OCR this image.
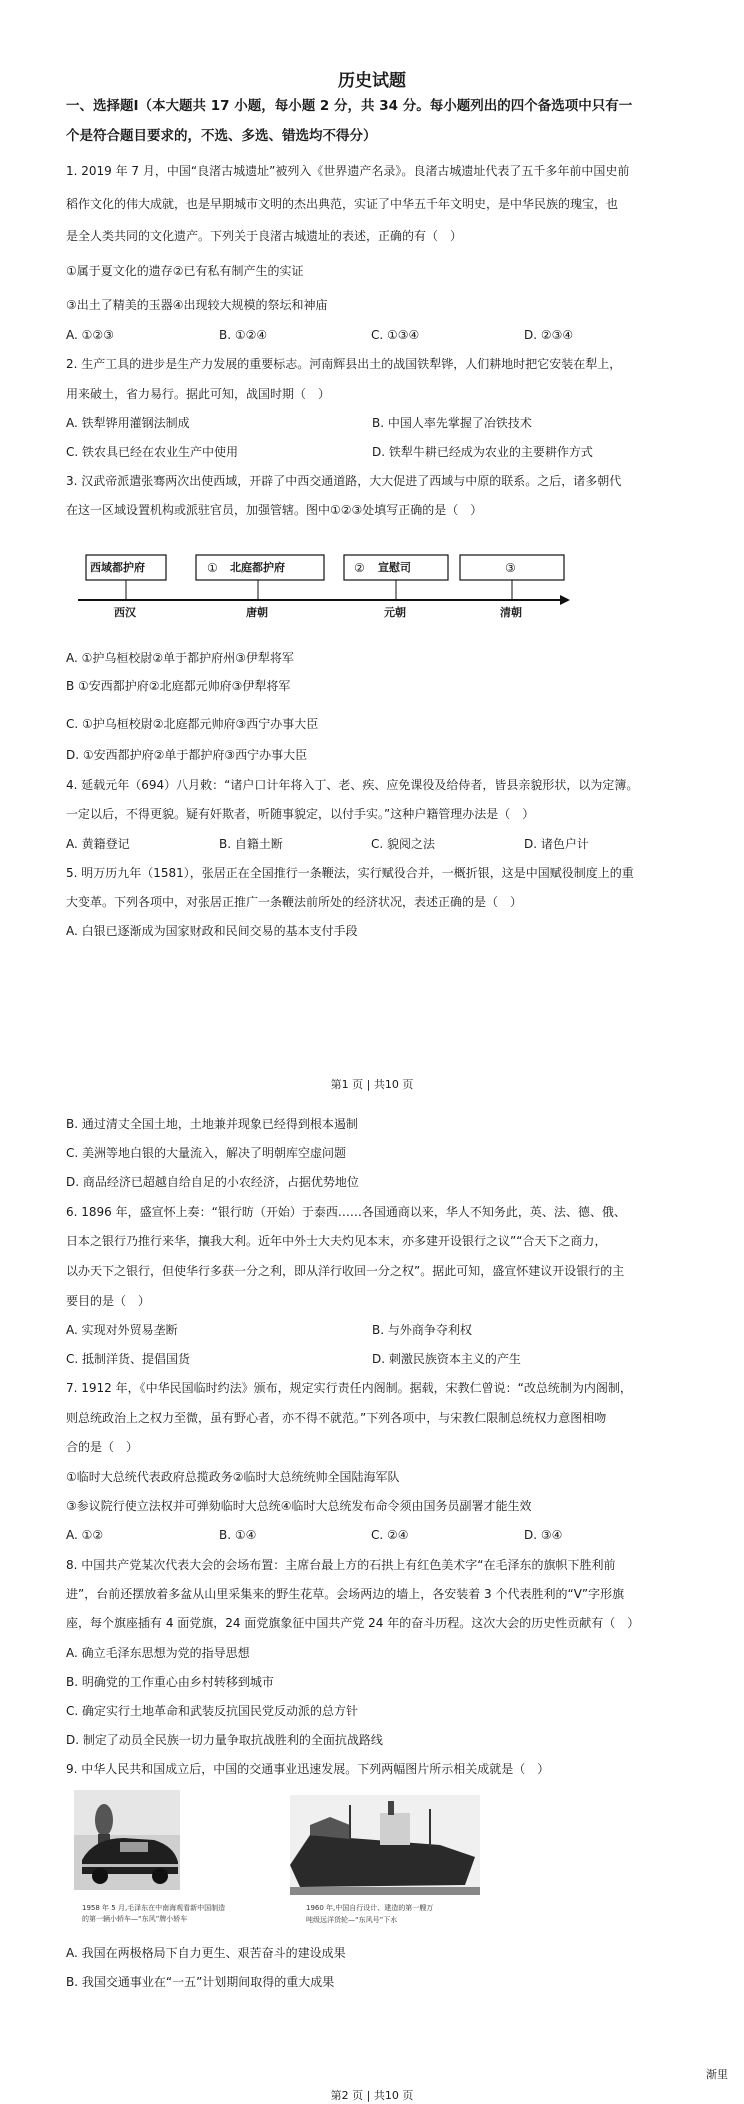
历史试题
一、选择题Ⅰ（本大题共 17 小题，每小题 2 分，共 34 分。每小题列出的四个备选项中只有一
个是符合题目要求的，不选、多选、错选均不得分）
1. 2019 年 7 月，中国“良渚古城遗址”被列入《世界遗产名录》。良渚古城遗址代表了五千多年前中国史前
稻作文化的伟大成就，也是早期城市文明的杰出典范，实证了中华五千年文明史，是中华民族的瑰宝，也
是全人类共同的文化遗产。下列关于良渚古城遗址的表述，正确的有（　）
①属于夏文化的遗存②已有私有制产生的实证
③出土了精美的玉器④出现较大规模的祭坛和神庙
A. ①②③	B. ①②④	C. ①③④	D. ②③④
2. 生产工具的进步是生产力发展的重要标志。河南辉县出土的战国铁犁铧，人们耕地时把它安装在犁上，
用来破土，省力易行。据此可知，战国时期（　）
A. 铁犁铧用灌钢法制成	B. 中国人率先掌握了冶铁技术
C. 铁农具已经在农业生产中使用	D. 铁犁牛耕已经成为农业的主要耕作方式
3. 汉武帝派遣张骞两次出使西域，开辟了中西交通道路，大大促进了西域与中原的联系。之后，诸多朝代
在这一区域设置机构或派驻官员，加强管辖。图中①②③处填写正确的是（　）
西域都护府	① 北庭都护府	② 宣慰司	③
西汉	唐朝	元朝	清朝
A. ①护乌桓校尉②单于都护府州③伊犁将军
B ①安西都护府②北庭都元帅府③伊犁将军
C. ①护乌桓校尉②北庭都元帅府③西宁办事大臣
D. ①安西都护府②单于都护府③西宁办事大臣
4. 延载元年（694）八月敕：“诸户口计年将入丁、老、疾、应免课役及给侍者，皆县亲貌形状，以为定簿。
一定以后，不得更貌。疑有奸欺者，听随事貌定，以付手实。”这种户籍管理办法是（　）
A. 黄籍登记	B. 自籍土断	C. 貌阅之法	D. 诸色户计
5. 明万历九年（1581），张居正在全国推行一条鞭法，实行赋役合并，一概折银，这是中国赋役制度上的重
大变革。下列各项中，对张居正推广一条鞭法前所处的经济状况，表述正确的是（　）
A. 白银已逐渐成为国家财政和民间交易的基本支付手段
第1 页 | 共10 页
B. 通过清丈全国土地，土地兼并现象已经得到根本遏制
C. 美洲等地白银的大量流入，解决了明朝库空虚问题
D. 商品经济已超越自给自足的小农经济，占据优势地位
6. 1896 年，盛宣怀上奏：“银行昉（开始）于泰西……各国通商以来，华人不知务此，英、法、德、俄、
日本之银行乃推行来华，攘我大利。近年中外士大夫灼见本末，亦多建开设银行之议”“合天下之商力，
以办天下之银行，但使华行多获一分之利，即从洋行收回一分之权”。据此可知，盛宣怀建议开设银行的主
要目的是（　）
A. 实现对外贸易垄断	B. 与外商争夺利权
C. 抵制洋货、提倡国货	D. 刺激民族资本主义的产生
7. 1912 年，《中华民国临时约法》颁布，规定实行责任内阁制。据载，宋教仁曾说：“改总统制为内阁制，
则总统政治上之权力至微，虽有野心者，亦不得不就范。”下列各项中，与宋教仁限制总统权力意图相吻
合的是（　）
①临时大总统代表政府总揽政务②临时大总统统帅全国陆海军队
③参议院行使立法权并可弹劾临时大总统④临时大总统发布命令须由国务员副署才能生效
A. ①②	B. ①④	C. ②④	D. ③④
8. 中国共产党某次代表大会的会场布置：主席台最上方的石拱上有红色美术字“在毛泽东的旗帜下胜利前
进”，台前还摆放着多盆从山里采集来的野生花草。会场两边的墙上，各安装着 3 个代表胜利的“V”字形旗
座，每个旗座插有 4 面党旗，24 面党旗象征中国共产党 24 年的奋斗历程。这次大会的历史性贡献有（　）
A. 确立毛泽东思想为党的指导思想
B. 明确党的工作重心由乡村转移到城市
C. 确定实行土地革命和武装反抗国民党反动派的总方针
D. 制定了动员全民族一切力量争取抗战胜利的全面抗战路线
9. 中华人民共和国成立后，中国的交通事业迅速发展。下列两幅图片所示相关成就是（　）
1958 年 5 月,毛泽东在中南海观看新中国制造
的第一辆小轿车—“东风”牌小轿车
1960 年,中国自行设计、建造的第一艘万
吨级远洋货轮—“东风号”下水
A. 我国在两极格局下自力更生、艰苦奋斗的建设成果
B. 我国交通事业在“一五”计划期间取得的重大成果
渐里
第2 页 | 共10 页
